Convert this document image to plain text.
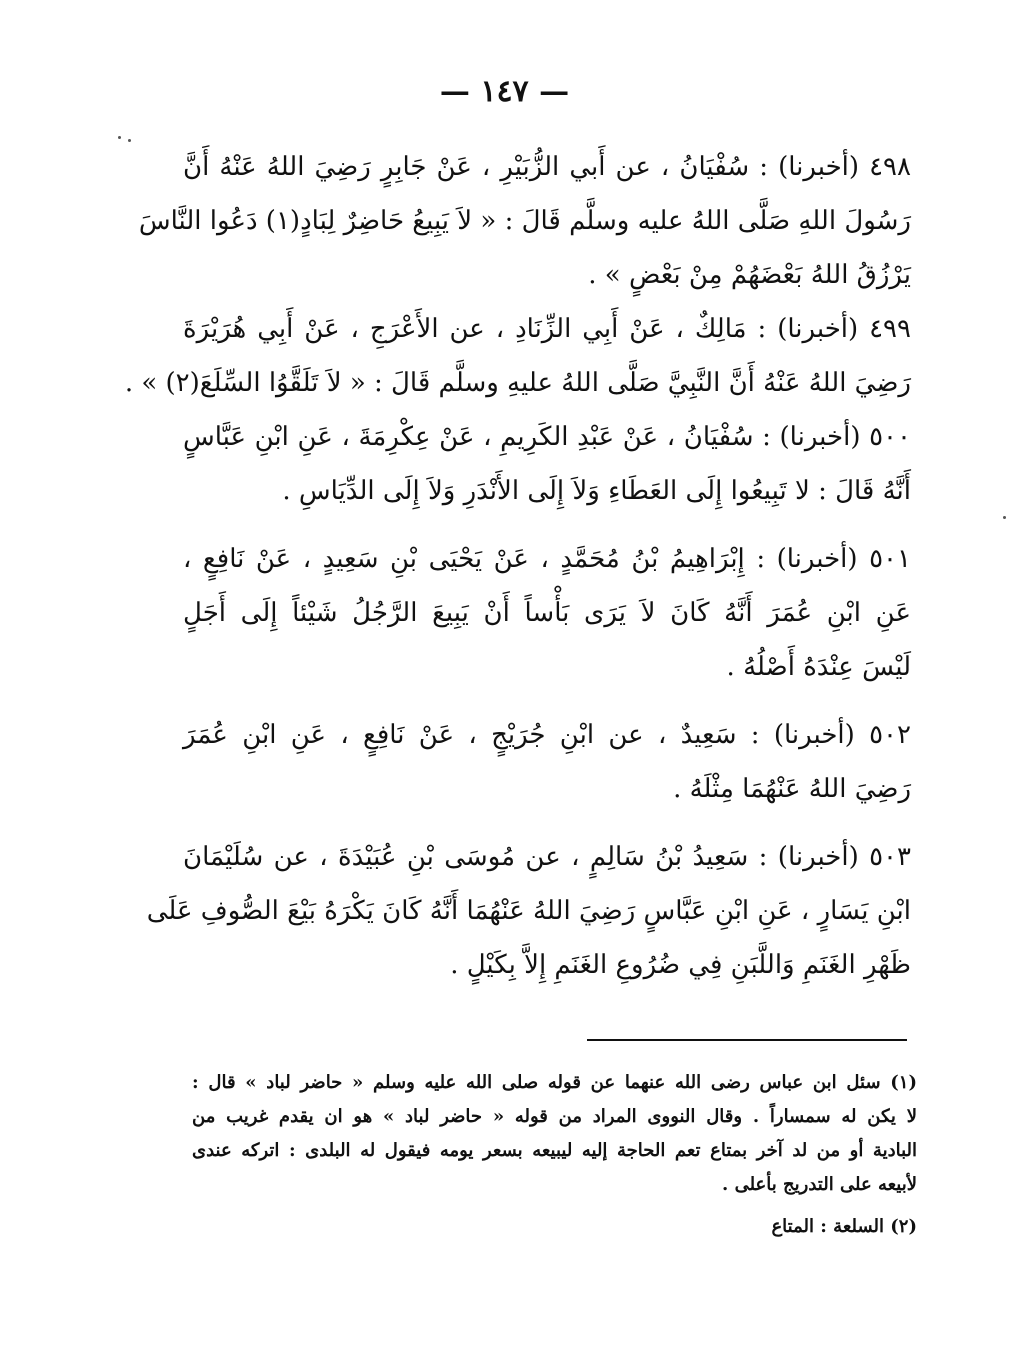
— ١٤٧ —
٤٩٨ (أخبرنا) : سُفْيَانُ ، عن أَبي الزُّبَيْرِ ، عَنْ جَابِرٍ رَضِيَ اللهُ عَنْهُ أَنَّ
رَسُولَ اللهِ صَلَّى اللهُ عليه وسلَّم قَالَ : « لاَ يَبِيعُ حَاضِرٌ لِبَادٍ(١) دَعُوا النَّاسَ
يَرْزُقُ اللهُ بَعْضَهُمْ مِنْ بَعْضٍ » .
٤٩٩ (أخبرنا) : مَالِكٌ ، عَنْ أَبِي الزِّنَادِ ، عن الأَعْرَجِ ، عَنْ أَبِي هُرَيْرَةَ
رَضِيَ اللهُ عَنْهُ أَنَّ النَّبِيَّ صَلَّى اللهُ عليهِ وسلَّم قَالَ : « لاَ تَلَقَّوُا السِّلَعَ(٢) » .
٥٠٠ (أخبرنا) : سُفْيَانُ ، عَنْ عَبْدِ الكَرِيمِ ، عَنْ عِكْرِمَةَ ، عَنِ ابْنِ عَبَّاسٍ
أَنَّهُ قَالَ : لا تَبِيعُوا إِلَى العَطَاءِ وَلاَ إِلَى الأَنْدَرِ وَلاَ إِلَى الدِّيَاسِ .
٥٠١ (أخبرنا) : إِبْرَاهِيمُ بْنُ مُحَمَّدٍ ، عَنْ يَحْيَى بْنِ سَعِيدٍ ، عَنْ نَافِعٍ ،
عَنِ ابْنِ عُمَرَ أَنَّهُ كَانَ لاَ يَرَى بَأْساً أَنْ يَبِيعَ الرَّجُلُ شَيْئاً إِلَى أَجَلٍ
لَيْسَ عِنْدَهُ أَصْلُهُ .
٥٠٢ (أخبرنا) : سَعِيدٌ ، عن ابْنِ جُرَيْجٍ ، عَنْ نَافِعٍ ، عَنِ ابْنِ عُمَرَ
رَضِيَ اللهُ عَنْهُمَا مِثْلَهُ .
٥٠٣ (أخبرنا) : سَعِيدُ بْنُ سَالِمٍ ، عن مُوسَى بْنِ عُبَيْدَةَ ، عن سُلَيْمَانَ
ابْنِ يَسَارٍ ، عَنِ ابْنِ عَبَّاسٍ رَضِيَ اللهُ عَنْهُمَا أَنَّهُ كَانَ يَكْرَهُ بَيْعَ الصُّوفِ عَلَى
ظَهْرِ الغَنَمِ وَاللَّبَنِ فِي ضُرُوعِ الغَنَمِ إِلاَّ بِكَيْلٍ .
(١) سئل ابن عباس رضى الله عنهما عن قوله صلى الله عليه وسلم « حاضر لباد » قال :
لا يكن له سمساراً . وقال النووى المراد من قوله « حاضر لباد » هو ان يقدم غريب من
البادية أو من لد آخر بمتاع تعم الحاجة إليه ليبيعه بسعر يومه فيقول له البلدى : اتركه عندى
لأبيعه على التدريج بأعلى .
(٢) السلعة : المتاع
